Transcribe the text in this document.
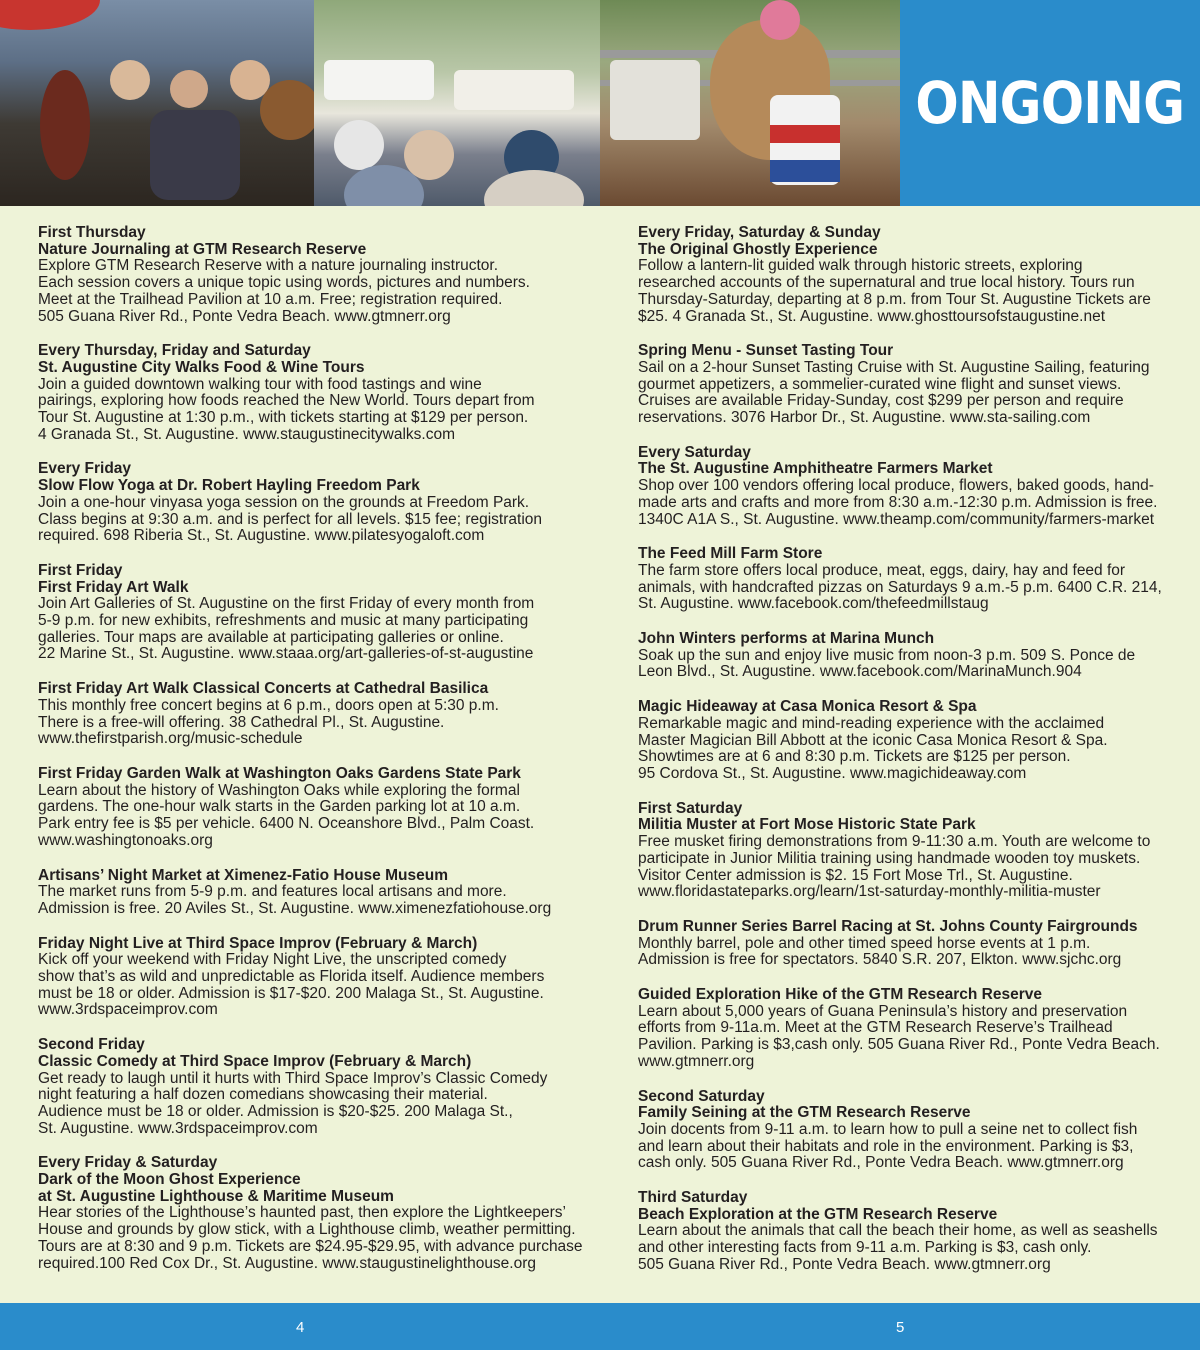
ONGOING
First Thursday
Nature Journaling at GTM Research Reserve
Explore GTM Research Reserve with a nature journaling instructor.
Each session covers a unique topic using words, pictures and numbers.
Meet at the Trailhead Pavilion at 10 a.m. Free; registration required.
505 Guana River Rd., Ponte Vedra Beach. www.gtmnerr.org
Every Thursday, Friday and Saturday
St. Augustine City Walks Food & Wine Tours
Join a guided downtown walking tour with food tastings and wine
pairings, exploring how foods reached the New World. Tours depart from
Tour St. Augustine at 1:30 p.m., with tickets starting at $129 per person.
4 Granada St., St. Augustine. www.staugustinecitywalks.com
Every Friday
Slow Flow Yoga at Dr. Robert Hayling Freedom Park
Join a one-hour vinyasa yoga session on the grounds at Freedom Park.
Class begins at 9:30 a.m. and is perfect for all levels. $15 fee; registration
required. 698 Riberia St., St. Augustine. www.pilatesyogaloft.com
First Friday
First Friday Art Walk
Join Art Galleries of St. Augustine on the first Friday of every month from
5-9 p.m. for new exhibits, refreshments and music at many participating
galleries. Tour maps are available at participating galleries or online.
22 Marine St., St. Augustine. www.staaa.org/art-galleries-of-st-augustine
First Friday Art Walk Classical Concerts at Cathedral Basilica
This monthly free concert begins at 6 p.m., doors open at 5:30 p.m.
There is a free-will offering. 38 Cathedral Pl., St. Augustine.
www.thefirstparish.org/music-schedule
First Friday Garden Walk at Washington Oaks Gardens State Park
Learn about the history of Washington Oaks while exploring the formal
gardens. The one-hour walk starts in the Garden parking lot at 10 a.m.
Park entry fee is $5 per vehicle. 6400 N. Oceanshore Blvd., Palm Coast.
www.washingtonoaks.org
Artisans’ Night Market at Ximenez-Fatio House Museum
The market runs from 5-9 p.m. and features local artisans and more.
Admission is free. 20 Aviles St., St. Augustine. www.ximenezfatiohouse.org
Friday Night Live at Third Space Improv (February & March)
Kick off your weekend with Friday Night Live, the unscripted comedy
show that’s as wild and unpredictable as Florida itself. Audience members
must be 18 or older. Admission is $17-$20. 200 Malaga St., St. Augustine.
www.3rdspaceimprov.com
Second Friday
Classic Comedy at Third Space Improv (February & March)
Get ready to laugh until it hurts with Third Space Improv’s Classic Comedy
night featuring a half dozen comedians showcasing their material.
Audience must be 18 or older. Admission is $20-$25. 200 Malaga St.,
St. Augustine. www.3rdspaceimprov.com
Every Friday & Saturday
Dark of the Moon Ghost Experience
at St. Augustine Lighthouse & Maritime Museum
Hear stories of the Lighthouse’s haunted past, then explore the Lightkeepers’
House and grounds by glow stick, with a Lighthouse climb, weather permitting.
Tours are at 8:30 and 9 p.m. Tickets are $24.95-$29.95, with advance purchase
required.100 Red Cox Dr., St. Augustine. www.staugustinelighthouse.org
Every Friday, Saturday & Sunday
The Original Ghostly Experience
Follow a lantern-lit guided walk through historic streets, exploring
researched accounts of the supernatural and true local history. Tours run
Thursday-Saturday, departing at 8 p.m. from Tour St. Augustine Tickets are
$25. 4 Granada St., St. Augustine. www.ghosttoursofstaugustine.net
Spring Menu - Sunset Tasting Tour
Sail on a 2-hour Sunset Tasting Cruise with St. Augustine Sailing, featuring
gourmet appetizers, a sommelier-curated wine flight and sunset views.
Cruises are available Friday-Sunday, cost $299 per person and require
reservations. 3076 Harbor Dr., St. Augustine. www.sta-sailing.com
Every Saturday
The St. Augustine Amphitheatre Farmers Market
Shop over 100 vendors offering local produce, flowers, baked goods, hand-
made arts and crafts and more from 8:30 a.m.-12:30 p.m. Admission is free.
1340C A1A S., St. Augustine. www.theamp.com/community/farmers-market
The Feed Mill Farm Store
The farm store offers local produce, meat, eggs, dairy, hay and feed for
animals, with handcrafted pizzas on Saturdays 9 a.m.-5 p.m. 6400 C.R. 214,
St. Augustine. www.facebook.com/thefeedmillstaug
John Winters performs at Marina Munch
Soak up the sun and enjoy live music from noon-3 p.m. 509 S. Ponce de
Leon Blvd., St. Augustine. www.facebook.com/MarinaMunch.904
Magic Hideaway at Casa Monica Resort & Spa
Remarkable magic and mind-reading experience with the acclaimed
Master Magician Bill Abbott at the iconic Casa Monica Resort & Spa.
Showtimes are at 6 and 8:30 p.m. Tickets are $125 per person.
95 Cordova St., St. Augustine. www.magichideaway.com
First Saturday
Militia Muster at Fort Mose Historic State Park
Free musket firing demonstrations from 9-11:30 a.m. Youth are welcome to
participate in Junior Militia training using handmade wooden toy muskets.
Visitor Center admission is $2. 15 Fort Mose Trl., St. Augustine.
www.floridastateparks.org/learn/1st-saturday-monthly-militia-muster
Drum Runner Series Barrel Racing at St. Johns County Fairgrounds
Monthly barrel, pole and other timed speed horse events at 1 p.m.
Admission is free for spectators. 5840 S.R. 207, Elkton. www.sjchc.org
Guided Exploration Hike of the GTM Research Reserve
Learn about 5,000 years of Guana Peninsula’s history and preservation
efforts from 9-11a.m. Meet at the GTM Research Reserve’s Trailhead
Pavilion. Parking is $3,cash only. 505 Guana River Rd., Ponte Vedra Beach.
www.gtmnerr.org
Second Saturday
Family Seining at the GTM Research Reserve
Join docents from 9-11 a.m. to learn how to pull a seine net to collect fish
and learn about their habitats and role in the environment. Parking is $3,
cash only. 505 Guana River Rd., Ponte Vedra Beach. www.gtmnerr.org
Third Saturday
Beach Exploration at the GTM Research Reserve
Learn about the animals that call the beach their home, as well as seashells
and other interesting facts from 9-11 a.m. Parking is $3, cash only.
505 Guana River Rd., Ponte Vedra Beach. www.gtmnerr.org
4	5
